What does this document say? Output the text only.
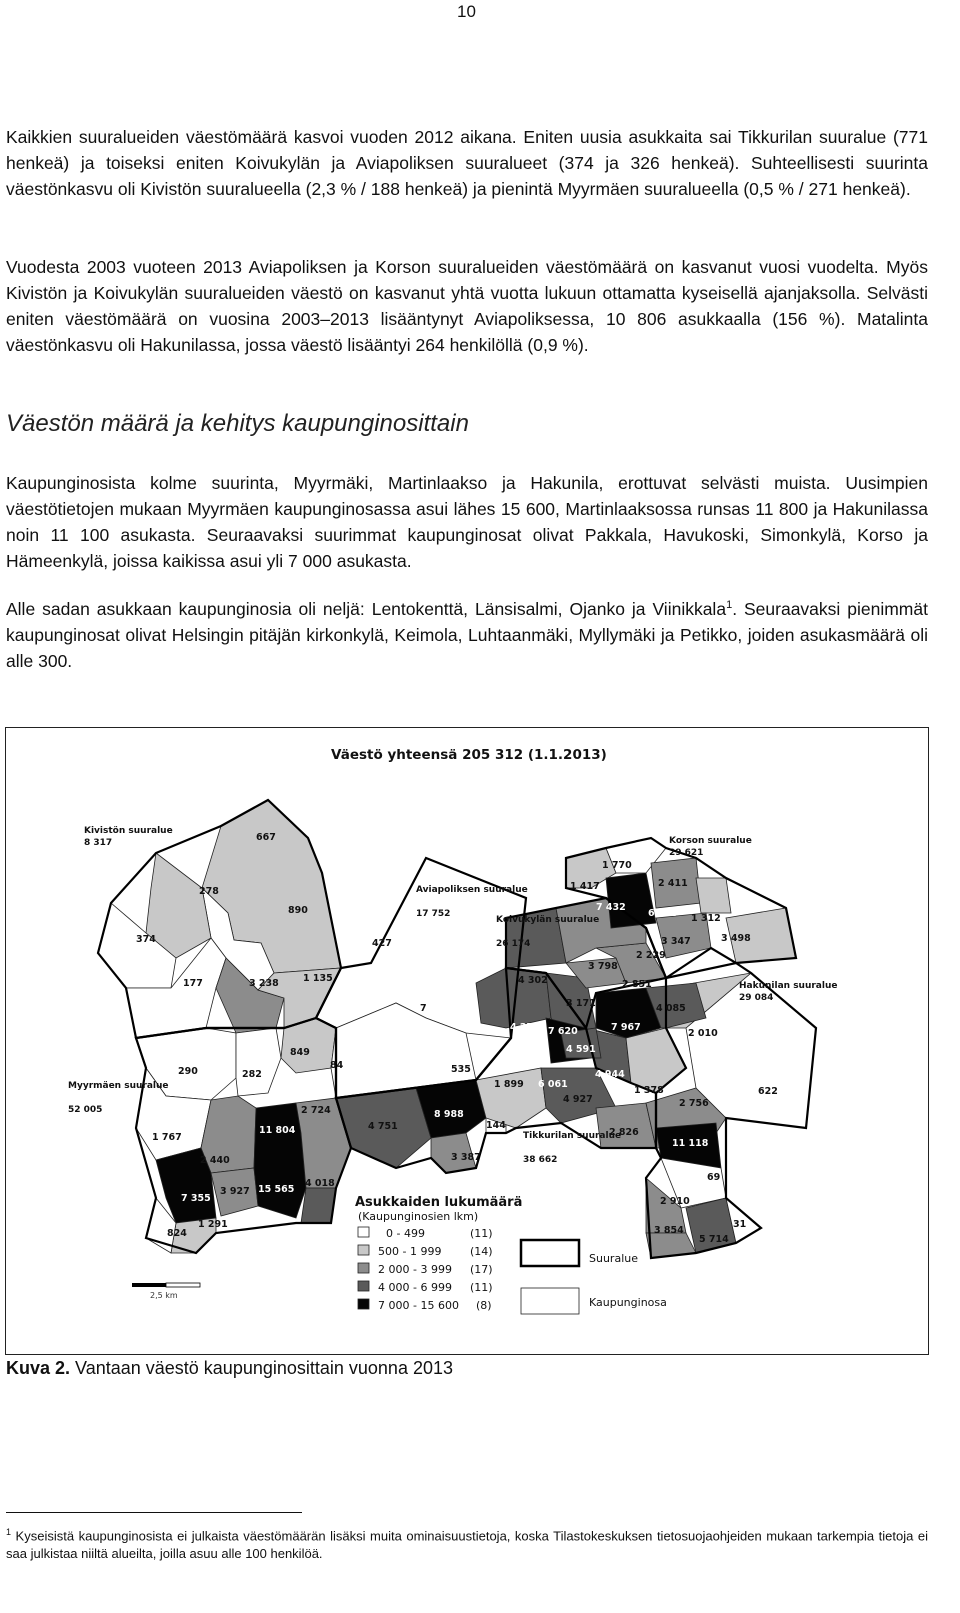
10

Kaikkien suuralueiden väestömäärä kasvoi vuoden 2012 aikana. Eniten uusia asukkaita sai Tikkurilan suuralue (771 henkeä) ja toiseksi eniten Koivukylän ja Aviapoliksen suuralueet (374 ja 326 henkeä). Suhteellisesti suurinta väestönkasvu oli Kivistön suuralueella (2,3 % / 188 henkeä) ja pienintä Myyrmäen suuralueella (0,5 % / 271 henkeä).

Vuodesta 2003 vuoteen 2013 Aviapoliksen ja Korson suuralueiden väestömäärä on kasvanut vuosi vuodelta. Myös Kivistön ja Koivukylän suuralueiden väestö on kasvanut yhtä vuotta lukuun ottamatta kyseisellä ajanjaksolla. Selvästi eniten väestömäärä on vuosina 2003–2013 lisääntynyt Aviapoliksessa, 10 806 asukkaalla (156 %). Matalinta väestönkasvu oli Hakunilassa, jossa väestö lisääntyi 264 henkilöllä (0,9 %).

Väestön määrä ja kehitys kaupunginosittain

Kaupunginosista kolme suurinta, Myyrmäki, Martinlaakso ja Hakunila, erottuvat selvästi muista. Uusimpien väestötietojen mukaan Myyrmäen kaupunginosassa asui lähes 15 600, Martinlaaksossa runsas 11 800 ja Hakunilassa noin 11 100 asukasta. Seuraavaksi suurimmat kaupunginosat olivat Pakkala, Havukoski, Simonkylä, Korso ja Hämeenkylä, joissa kaikissa asui yli 7 000 asukasta.

Alle sadan asukkaan kaupunginosia oli neljä: Lentokenttä, Länsisalmi, Ojanko ja Viinikkala$^1$. Seuraavaksi pienimmät kaupunginosat olivat Helsingin pitäjän kirkonkylä, Keimola, Luhtaanmäki, Myllymäki ja Petikko, joiden asukasmäärä oli alle 300.

Väestö yhteensä 205 312 (1.1.2013)
Kivistön suuralue
8 317
Aviapoliksen suuralue
17 752
Koivukylän suuralue
26 174
Korson suuralue
29 621
Hakunilan suuralue
29 084
Myyrmäen suuralue
52 005
Tikkurilan suuralue
38 662
667
278
890
374	427
177	3 238	1 135
7
849
84
290	282	535
1 767
11 804
2 724
4 751
8 988
144
2 440
3 927 15 565
4 018
3 387
7 355
1 291
824
1 770
1 417	2 411
7 432
6 205 1 312
3 347	3 498
2 229
3 798
4 302	2 851
3 171	4 085
4 272 7 620	7 967
2 010
4 591
1 899 6 061
4 944
1 378	622
4 927	2 756
2 826
11 118
69
2 910
3 854
5 714
31
Asukkaiden lukumäärä
(Kaupunginosien lkm)
0 - 499	(11)
500 - 1 999	(14)
2 000 - 3 999 (17)
4 000 - 6 999 (11)
7 000 - 15 600 (8)
Suuralue
Kaupunginosa
2,5 km
Kuva 2. Vantaan väestö kaupunginosittain vuonna 2013

$^1$ Kyseisistä kaupunginosista ei julkaista väestömäärän lisäksi muita ominaisuustietoja, koska Tilastokeskuksen tietosuojaohjeiden mukaan tarkempia tietoja ei saa julkistaa niiltä alueilta, joilla asuu alle 100 henkilöä.
